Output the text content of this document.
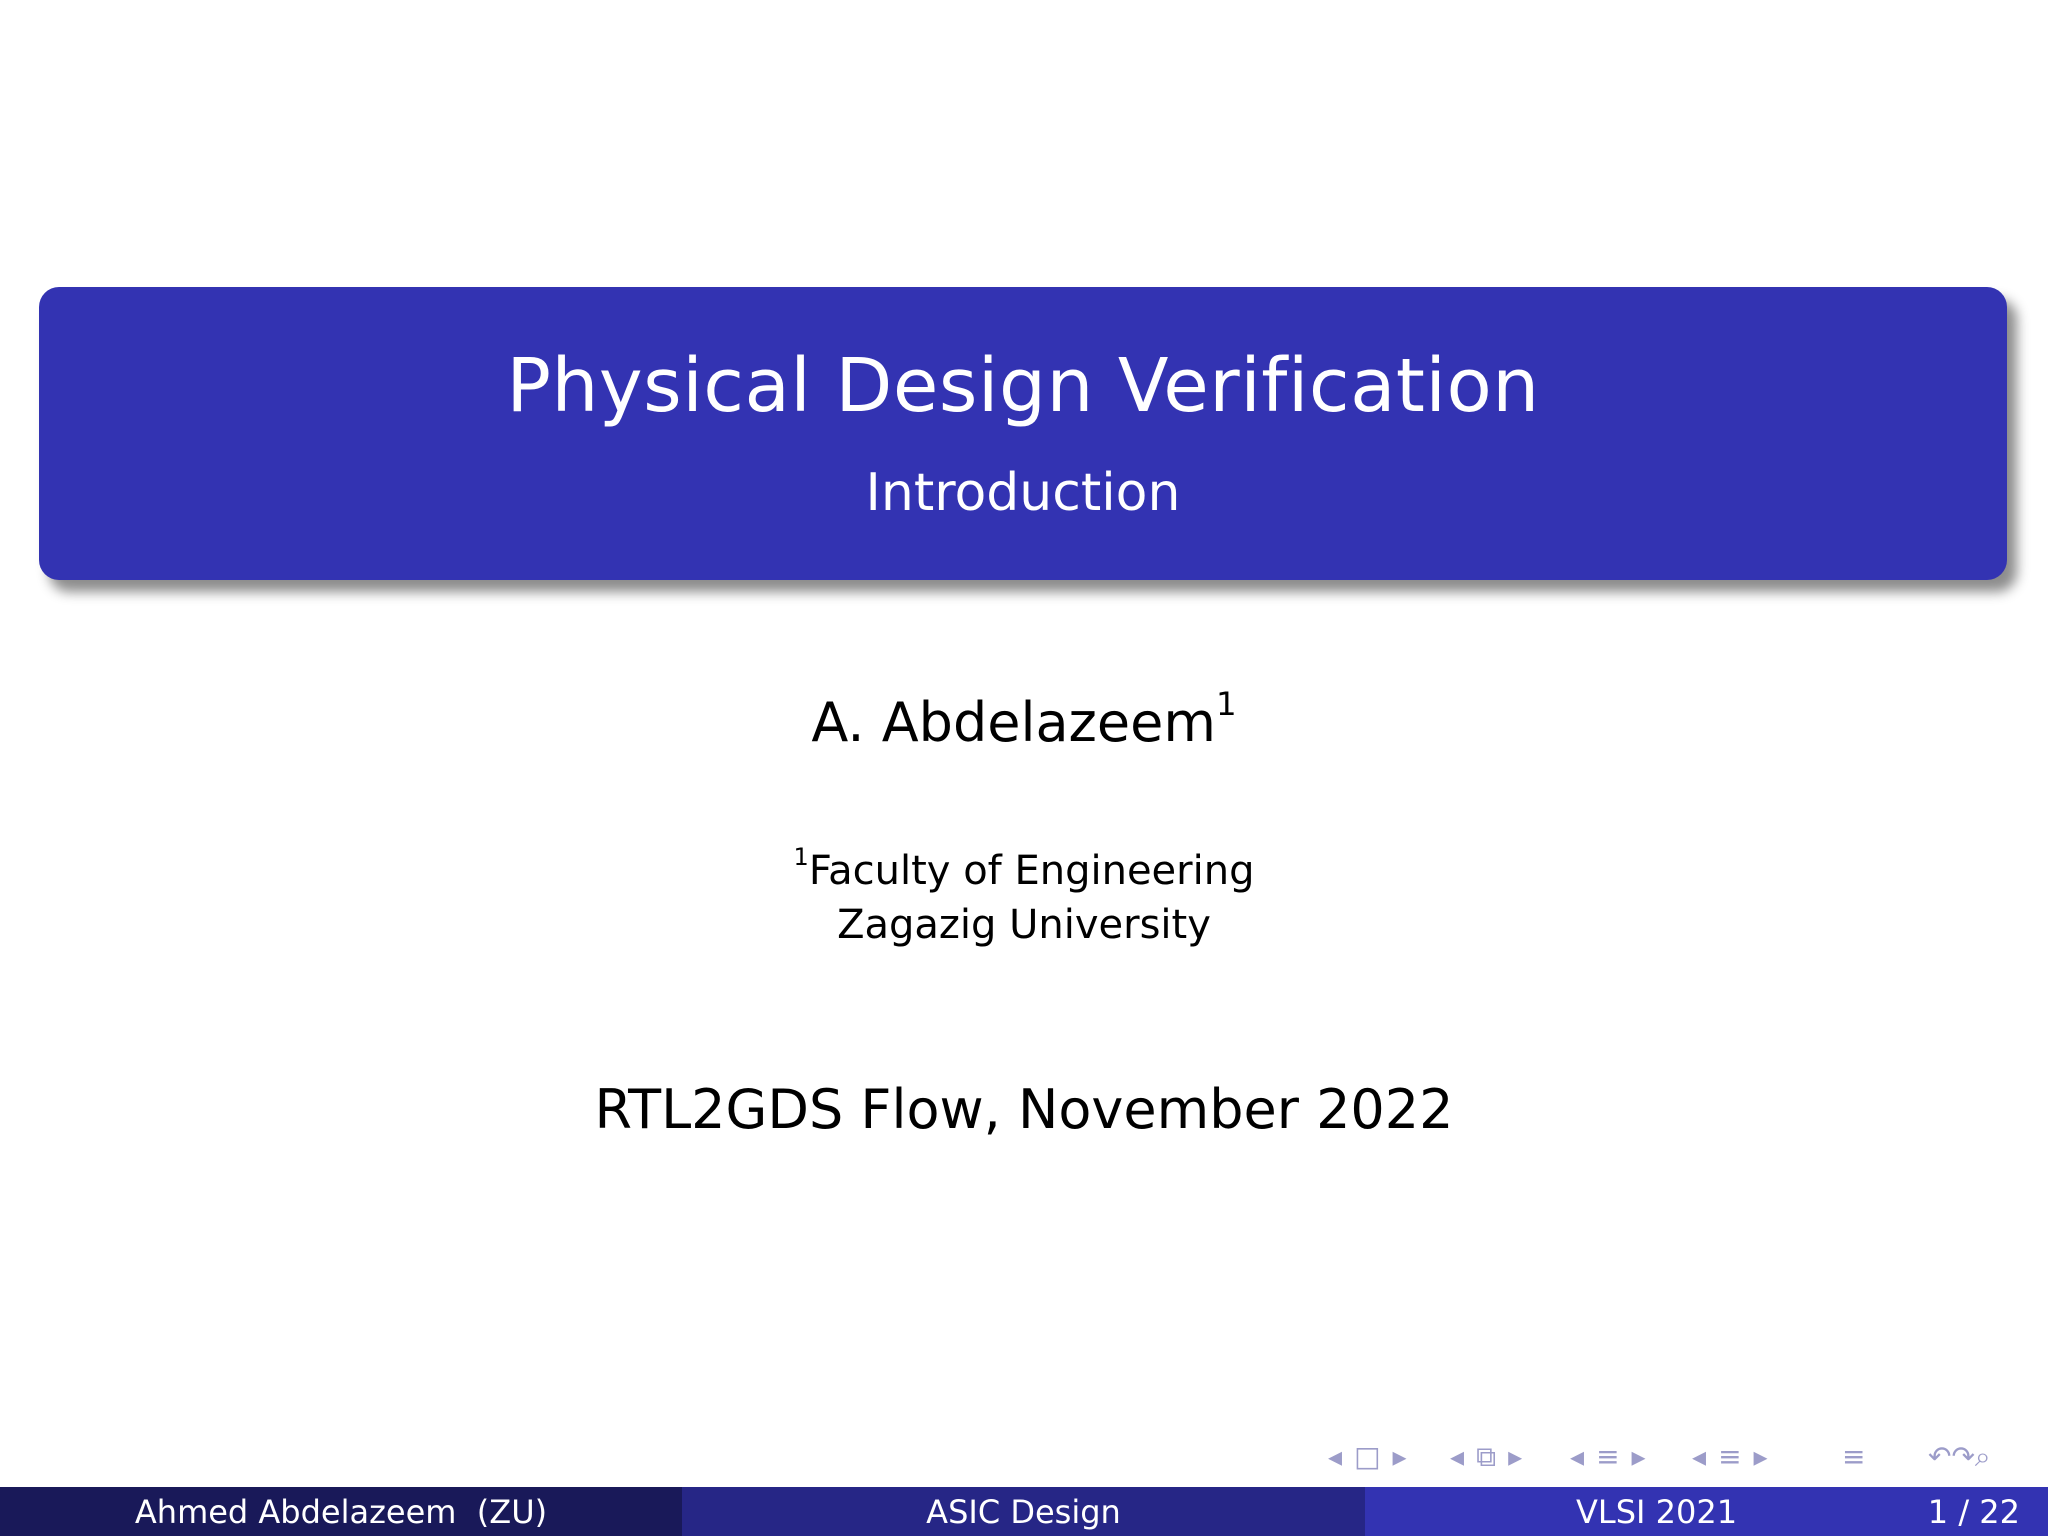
Physical Design Verification
Introduction
A. Abdelazeem$^1$
$^1$Faculty of Engineering
Zagazig University
RTL2GDS Flow, November 2022
◂ □ ▸ ◂ ⧉ ▸ ◂ ≡ ▸ ◂ ≡ ▸	≡ ↶↷⌕
Ahmed Abdelazeem  (ZU)	ASIC Design	VLSI 2021	1 / 22
